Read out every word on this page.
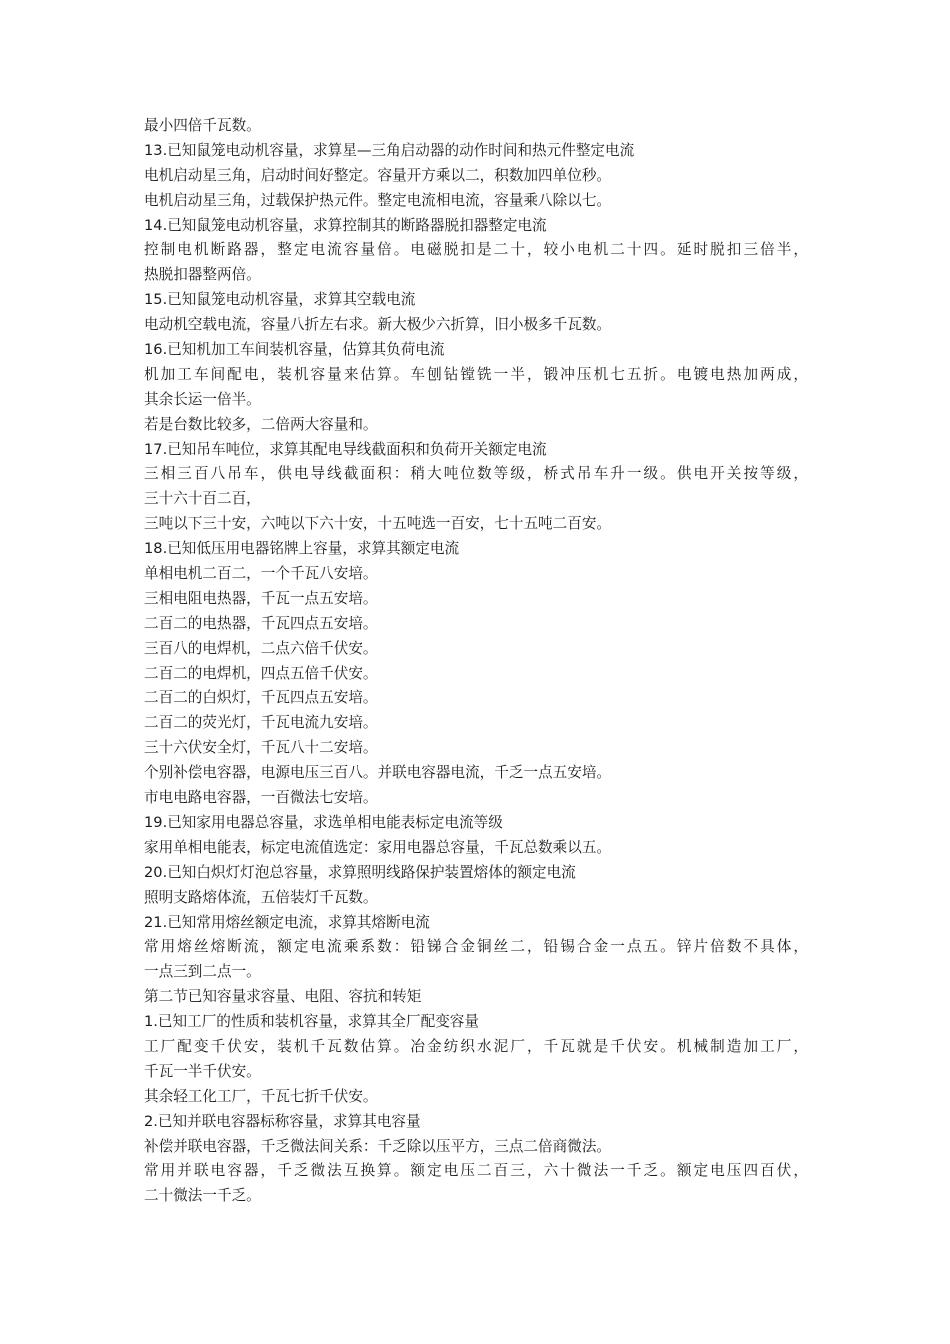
最小四倍千瓦数。

13.已知鼠笼电动机容量，求算星—三角启动器的动作时间和热元件整定电流

电机启动星三角，启动时间好整定。容量开方乘以二，积数加四单位秒。

电机启动星三角，过载保护热元件。整定电流相电流，容量乘八除以七。

14.已知鼠笼电动机容量，求算控制其的断路器脱扣器整定电流

控制电机断路器，整定电流容量倍。电磁脱扣是二十，较小电机二十四。延时脱扣三倍半，

热脱扣器整两倍。

15.已知鼠笼电动机容量，求算其空载电流

电动机空载电流，容量八折左右求。新大极少六折算，旧小极多千瓦数。

16.已知机加工车间装机容量，估算其负荷电流

机加工车间配电，装机容量来估算。车刨钻镗铣一半，锻冲压机七五折。电镀电热加两成，

其余长运一倍半。

若是台数比较多，二倍两大容量和。

17.已知吊车吨位，求算其配电导线截面积和负荷开关额定电流

三相三百八吊车，供电导线截面积：稍大吨位数等级，桥式吊车升一级。供电开关按等级，

三十六十百二百，

三吨以下三十安，六吨以下六十安，十五吨选一百安，七十五吨二百安。

18.已知低压用电器铭牌上容量，求算其额定电流

单相电机二百二，一个千瓦八安培。

三相电阻电热器，千瓦一点五安培。

二百二的电热器，千瓦四点五安培。

三百八的电焊机，二点六倍千伏安。

二百二的电焊机，四点五倍千伏安。

二百二的白炽灯，千瓦四点五安培。

二百二的荧光灯，千瓦电流九安培。

三十六伏安全灯，千瓦八十二安培。

个别补偿电容器，电源电压三百八。并联电容器电流，千乏一点五安培。

市电电路电容器，一百微法七安培。

19.已知家用电器总容量，求选单相电能表标定电流等级

家用单相电能表，标定电流值选定：家用电器总容量，千瓦总数乘以五。

20.已知白炽灯灯泡总容量，求算照明线路保护装置熔体的额定电流

照明支路熔体流，五倍装灯千瓦数。

21.已知常用熔丝额定电流，求算其熔断电流

常用熔丝熔断流，额定电流乘系数：铅锑合金铜丝二，铅锡合金一点五。锌片倍数不具体，

一点三到二点一。

第二节已知容量求容量、电阻、容抗和转矩

1.已知工厂的性质和装机容量，求算其全厂配变容量

工厂配变千伏安，装机千瓦数估算。冶金纺织水泥厂，千瓦就是千伏安。机械制造加工厂，

千瓦一半千伏安。

其余轻工化工厂，千瓦七折千伏安。

2.已知并联电容器标称容量，求算其电容量

补偿并联电容器，千乏微法间关系：千乏除以压平方，三点二倍商微法。

常用并联电容器，千乏微法互换算。额定电压二百三，六十微法一千乏。额定电压四百伏，

二十微法一千乏。
